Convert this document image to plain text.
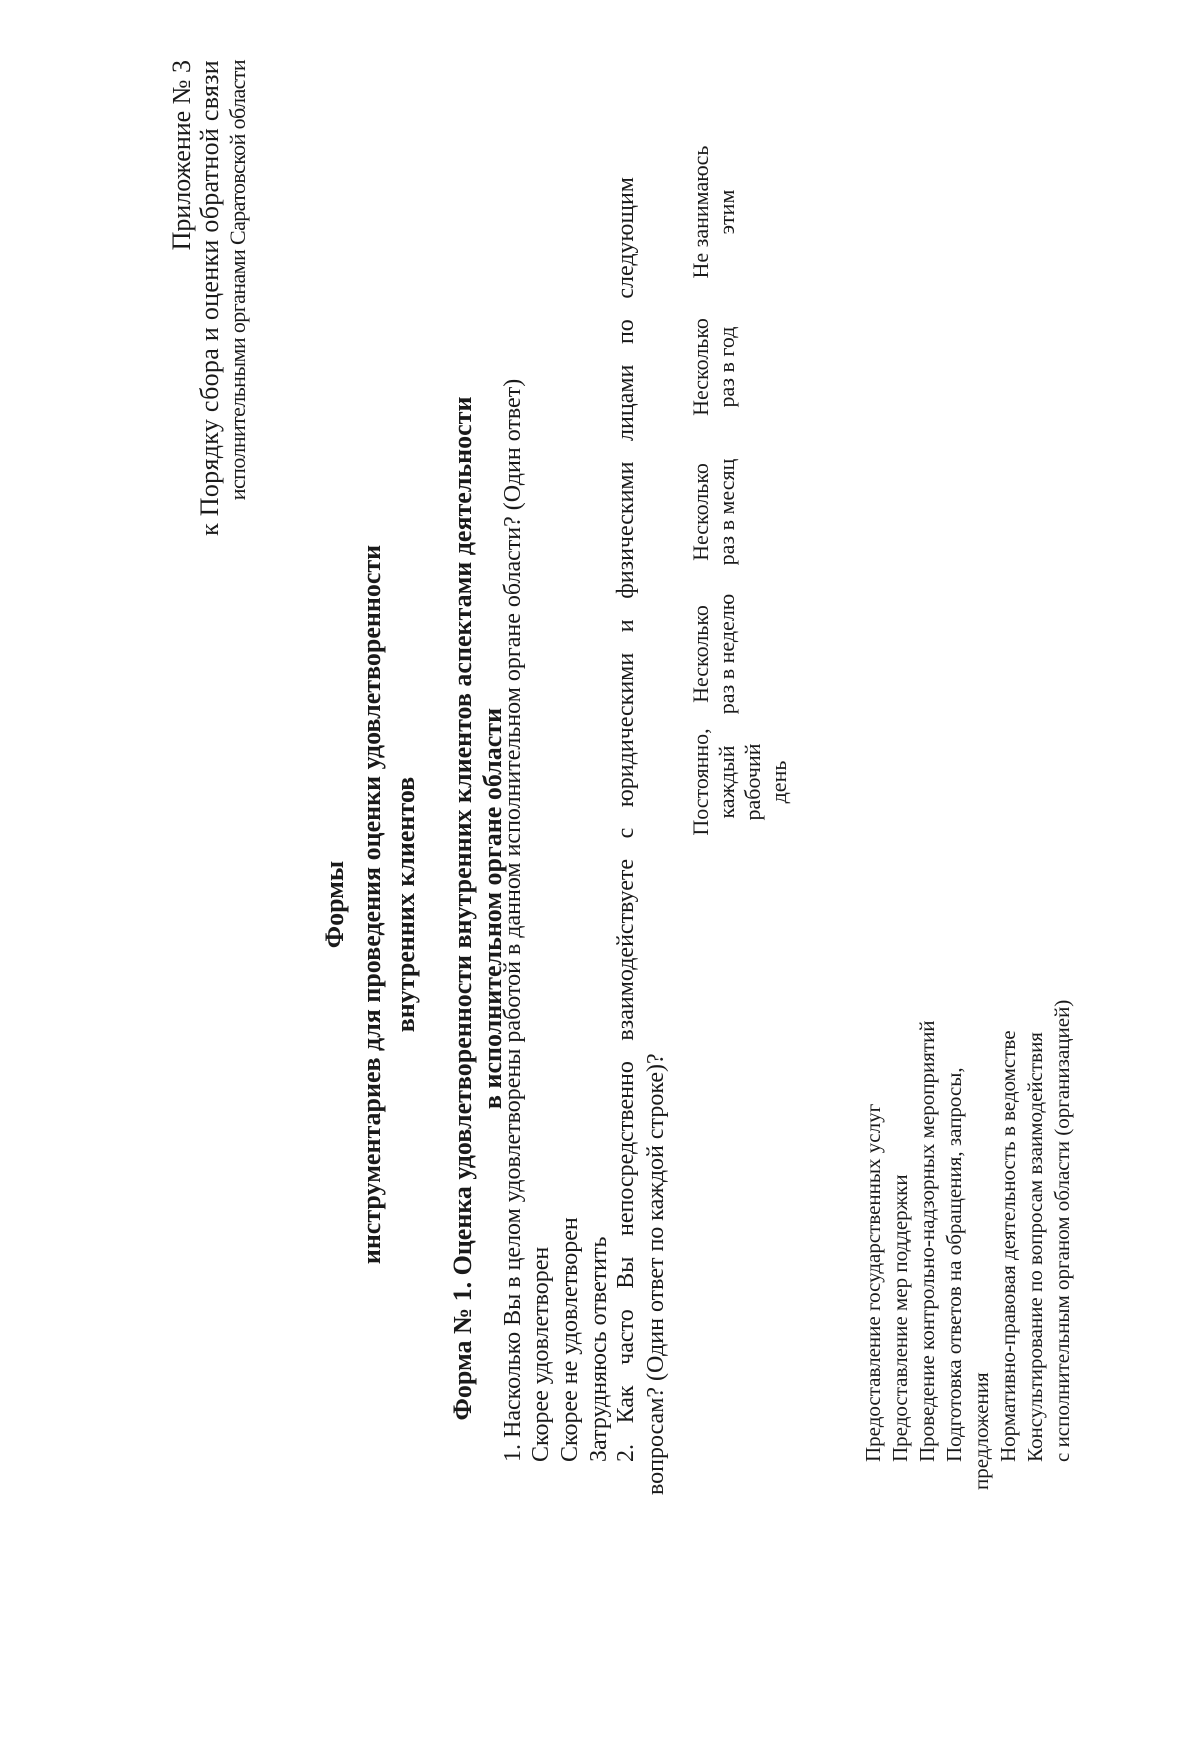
Приложение № 3 к Порядку сбора и оценки обратной связи исполнительными органами Саратовской области
Формы инструментариев для проведения оценки удовлетворенности внутренних клиентов Форма № 1. Оценка удовлетворенности внутренних клиентов аспектами деятельности в исполнительном органе области
1. Насколько Вы в целом удовлетворены работой в данном исполнительном органе области? (Один ответ) Скорее удовлетворен Скорее не удовлетворен Затрудняюсь ответить 2. Как часто Вы непосредственно взаимодействуете с юридическими и физическими лицами по следующим вопросам? (Один ответ по каждой строке)?
Постоянно, каждый рабочий день
Несколько раз в неделю
Несколько раз в месяц
Несколько раз в год
Не занимаюсь этим
Предоставление государственных услуг Предоставление мер поддержки Проведение контрольно-надзорных мероприятий Подготовка ответов на обращения, запросы, предложения Нормативно-правовая деятельность в ведомстве Консультирование по вопросам взаимодействия с исполнительным органом области (организацией)
